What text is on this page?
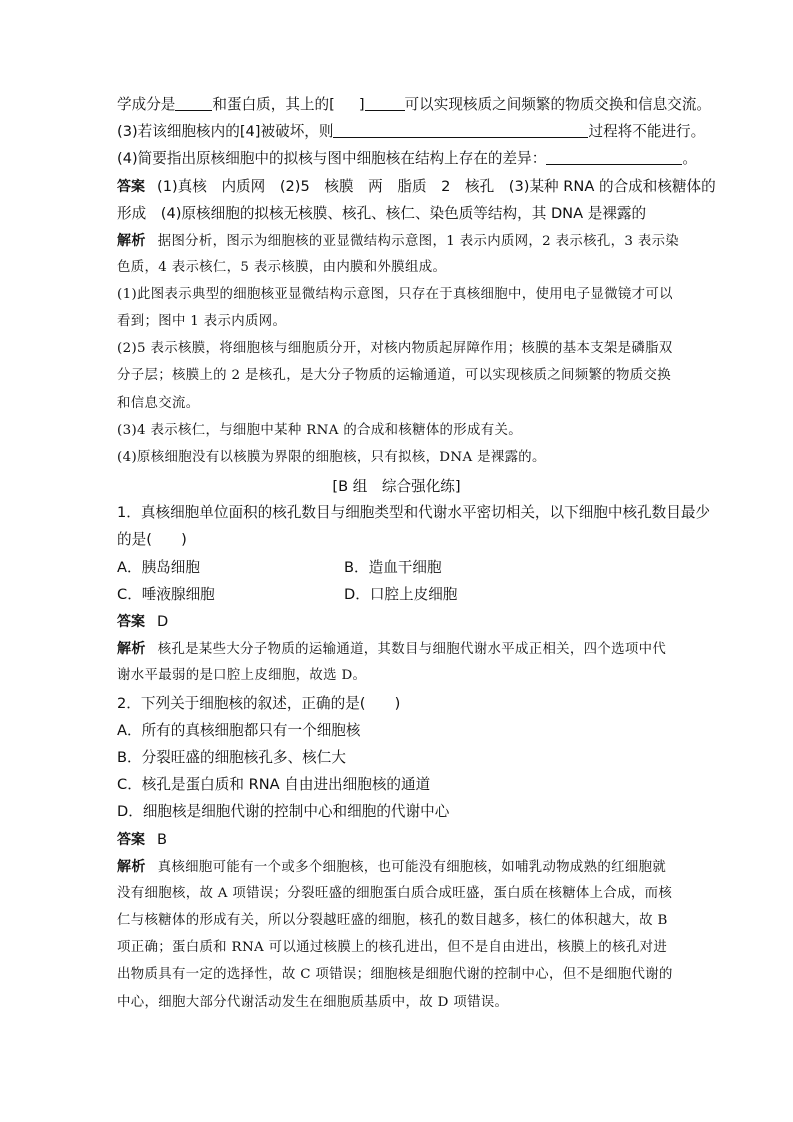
学成分是	和蛋白质，其上的[ ]	可以实现核质之间频繁的物质交换和信息交流。
(3)若该细胞核内的[4]被破坏，则	过程将不能进行。
(4)简要指出原核细胞中的拟核与图中细胞核在结构上存在的差异：	。
答案 (1)真核　内质网　(2)5　核膜　两　脂质　2　核孔　(3)某种 RNA 的合成和核糖体的
形成　(4)原核细胞的拟核无核膜、核孔、核仁、染色质等结构，其 DNA 是裸露的
解析 据图分析，图示为细胞核的亚显微结构示意图，1 表示内质网，2 表示核孔，3 表示染
色质，4 表示核仁，5 表示核膜，由内膜和外膜组成。
(1)此图表示典型的细胞核亚显微结构示意图，只存在于真核细胞中，使用电子显微镜才可以
看到；图中 1 表示内质网。
(2)5 表示核膜，将细胞核与细胞质分开，对核内物质起屏障作用；核膜的基本支架是磷脂双
分子层；核膜上的 2 是核孔，是大分子物质的运输通道，可以实现核质之间频繁的物质交换
和信息交流。
(3)4 表示核仁，与细胞中某种 RNA 的合成和核糖体的形成有关。
(4)原核细胞没有以核膜为界限的细胞核，只有拟核，DNA 是裸露的。
[B 组　综合强化练]
1．真核细胞单位面积的核孔数目与细胞类型和代谢水平密切相关，以下细胞中核孔数目最少
的是(　　)
A．胰岛细胞	B．造血干细胞
C．唾液腺细胞	D．口腔上皮细胞
答案 D
解析 核孔是某些大分子物质的运输通道，其数目与细胞代谢水平成正相关，四个选项中代
谢水平最弱的是口腔上皮细胞，故选 D。
2．下列关于细胞核的叙述，正确的是(　　)
A．所有的真核细胞都只有一个细胞核
B．分裂旺盛的细胞核孔多、核仁大
C．核孔是蛋白质和 RNA 自由进出细胞核的通道
D．细胞核是细胞代谢的控制中心和细胞的代谢中心
答案 B
解析 真核细胞可能有一个或多个细胞核，也可能没有细胞核，如哺乳动物成熟的红细胞就
没有细胞核，故 A 项错误；分裂旺盛的细胞蛋白质合成旺盛，蛋白质在核糖体上合成，而核
仁与核糖体的形成有关，所以分裂越旺盛的细胞，核孔的数目越多，核仁的体积越大，故 B
项正确；蛋白质和 RNA 可以通过核膜上的核孔进出，但不是自由进出，核膜上的核孔对进
出物质具有一定的选择性，故 C 项错误；细胞核是细胞代谢的控制中心，但不是细胞代谢的
中心，细胞大部分代谢活动发生在细胞质基质中，故 D 项错误。
